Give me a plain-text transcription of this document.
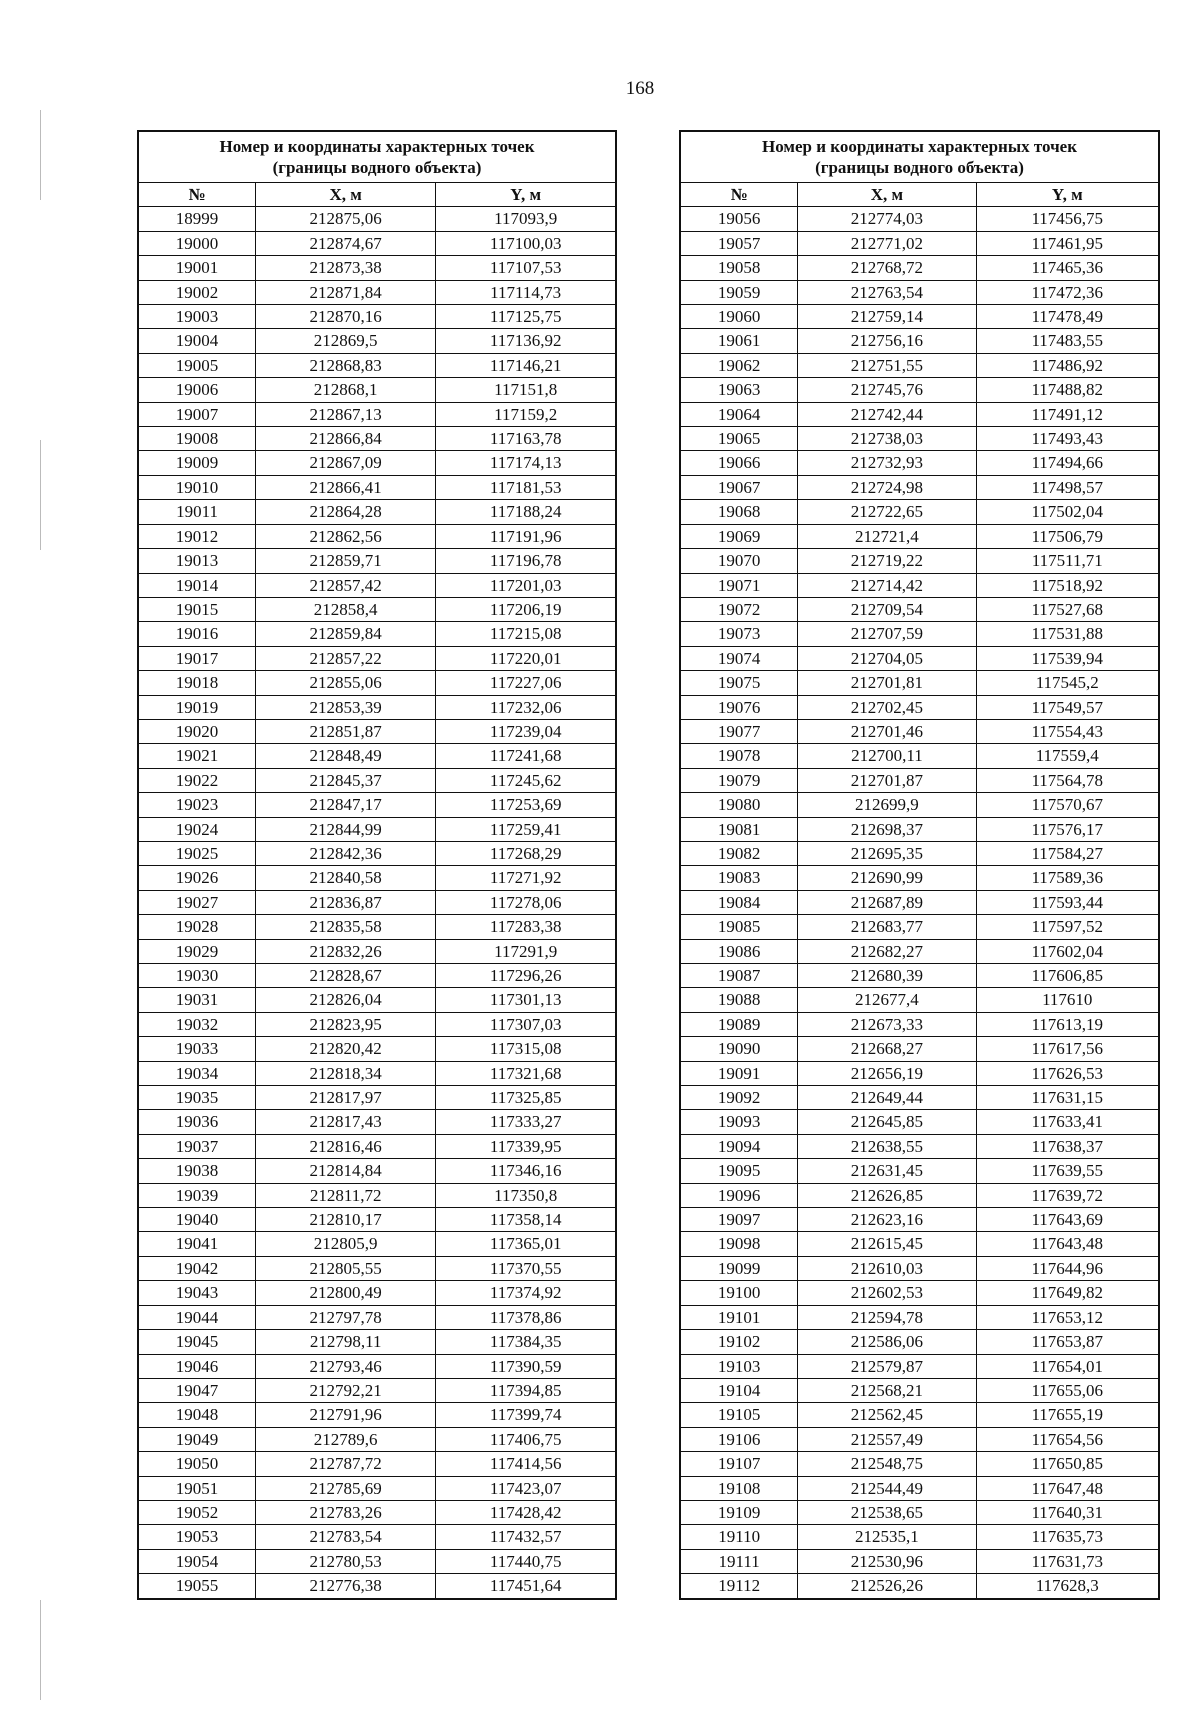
168
Номер и координаты характерных точек
(границы водного объекта)		
№	X, м	Y, м
18999	212875,06	117093,9
19000	212874,67	117100,03
19001	212873,38	117107,53
19002	212871,84	117114,73
19003	212870,16	117125,75
19004	212869,5	117136,92
19005	212868,83	117146,21
19006	212868,1	117151,8
19007	212867,13	117159,2
19008	212866,84	117163,78
19009	212867,09	117174,13
19010	212866,41	117181,53
19011	212864,28	117188,24
19012	212862,56	117191,96
19013	212859,71	117196,78
19014	212857,42	117201,03
19015	212858,4	117206,19
19016	212859,84	117215,08
19017	212857,22	117220,01
19018	212855,06	117227,06
19019	212853,39	117232,06
19020	212851,87	117239,04
19021	212848,49	117241,68
19022	212845,37	117245,62
19023	212847,17	117253,69
19024	212844,99	117259,41
19025	212842,36	117268,29
19026	212840,58	117271,92
19027	212836,87	117278,06
19028	212835,58	117283,38
19029	212832,26	117291,9
19030	212828,67	117296,26
19031	212826,04	117301,13
19032	212823,95	117307,03
19033	212820,42	117315,08
19034	212818,34	117321,68
19035	212817,97	117325,85
19036	212817,43	117333,27
19037	212816,46	117339,95
19038	212814,84	117346,16
19039	212811,72	117350,8
19040	212810,17	117358,14
19041	212805,9	117365,01
19042	212805,55	117370,55
19043	212800,49	117374,92
19044	212797,78	117378,86
19045	212798,11	117384,35
19046	212793,46	117390,59
19047	212792,21	117394,85
19048	212791,96	117399,74
19049	212789,6	117406,75
19050	212787,72	117414,56
19051	212785,69	117423,07
19052	212783,26	117428,42
19053	212783,54	117432,57
19054	212780,53	117440,75
19055	212776,38	117451,64
Номер и координаты характерных точек
(границы водного объекта)		
№	X, м	Y, м
19056	212774,03	117456,75
19057	212771,02	117461,95
19058	212768,72	117465,36
19059	212763,54	117472,36
19060	212759,14	117478,49
19061	212756,16	117483,55
19062	212751,55	117486,92
19063	212745,76	117488,82
19064	212742,44	117491,12
19065	212738,03	117493,43
19066	212732,93	117494,66
19067	212724,98	117498,57
19068	212722,65	117502,04
19069	212721,4	117506,79
19070	212719,22	117511,71
19071	212714,42	117518,92
19072	212709,54	117527,68
19073	212707,59	117531,88
19074	212704,05	117539,94
19075	212701,81	117545,2
19076	212702,45	117549,57
19077	212701,46	117554,43
19078	212700,11	117559,4
19079	212701,87	117564,78
19080	212699,9	117570,67
19081	212698,37	117576,17
19082	212695,35	117584,27
19083	212690,99	117589,36
19084	212687,89	117593,44
19085	212683,77	117597,52
19086	212682,27	117602,04
19087	212680,39	117606,85
19088	212677,4	117610
19089	212673,33	117613,19
19090	212668,27	117617,56
19091	212656,19	117626,53
19092	212649,44	117631,15
19093	212645,85	117633,41
19094	212638,55	117638,37
19095	212631,45	117639,55
19096	212626,85	117639,72
19097	212623,16	117643,69
19098	212615,45	117643,48
19099	212610,03	117644,96
19100	212602,53	117649,82
19101	212594,78	117653,12
19102	212586,06	117653,87
19103	212579,87	117654,01
19104	212568,21	117655,06
19105	212562,45	117655,19
19106	212557,49	117654,56
19107	212548,75	117650,85
19108	212544,49	117647,48
19109	212538,65	117640,31
19110	212535,1	117635,73
19111	212530,96	117631,73
19112	212526,26	117628,3
